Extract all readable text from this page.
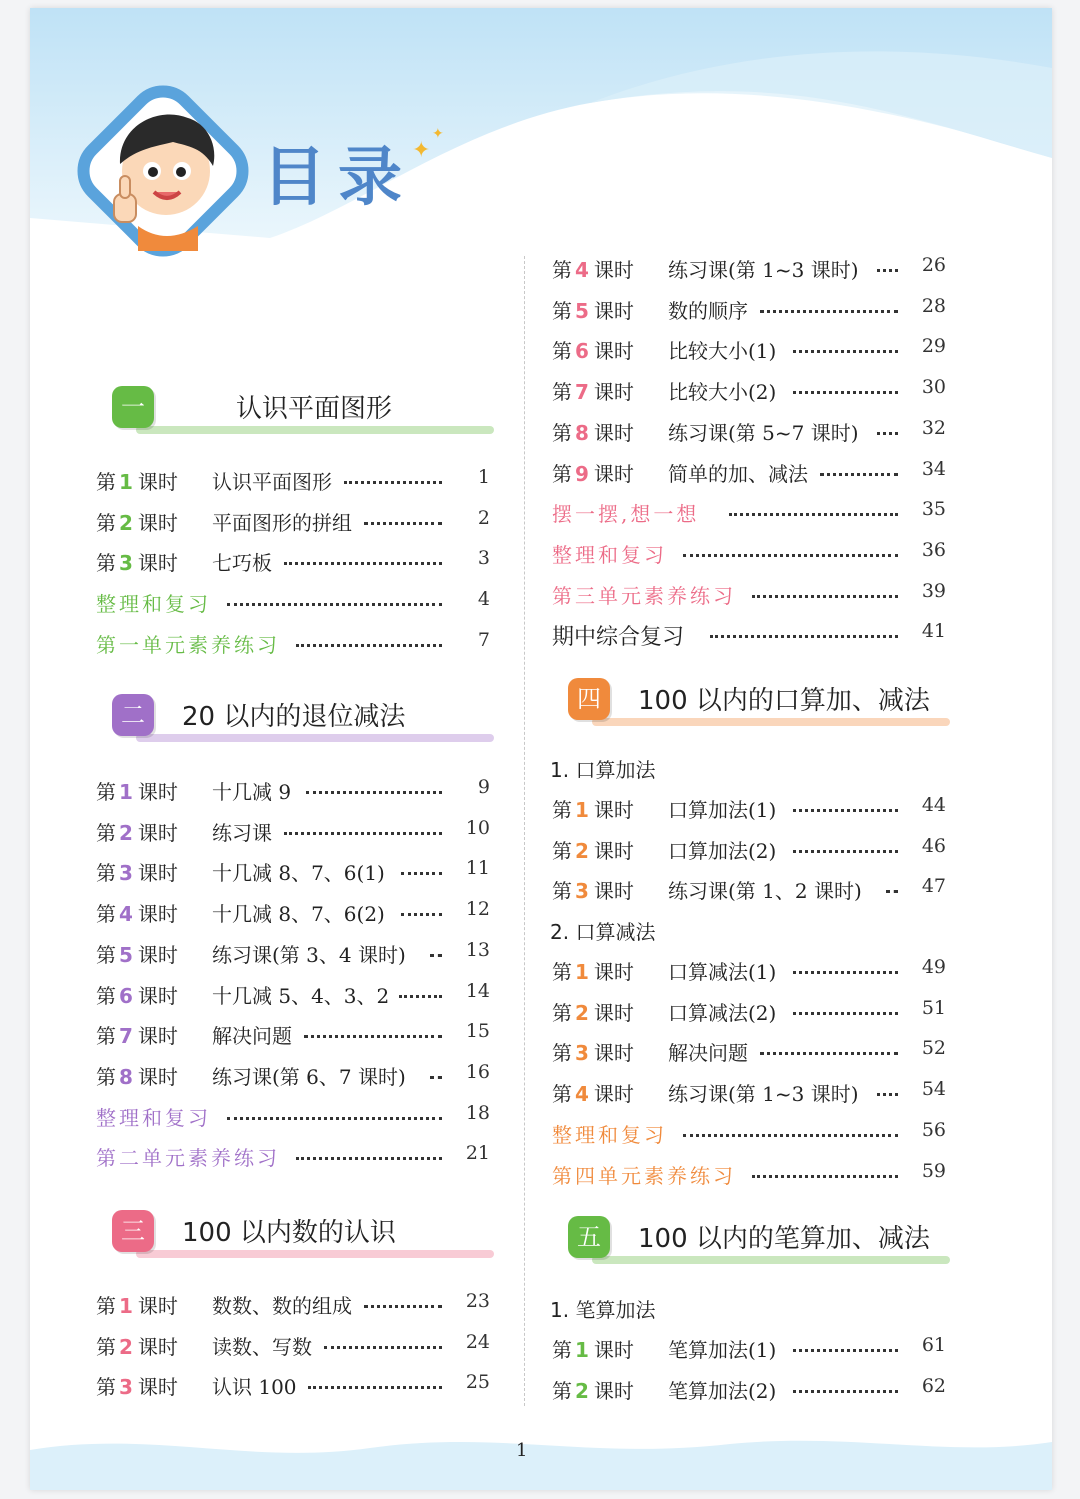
目录
✦
✦
一	认识平面图形
第 1 课时 认识平面图形	1
第 2 课时 平面图形的拼组	2
第 3 课时 七巧板	3
整理和复习	4
第一单元素养练习	7
二	20 以内的退位减法
第 1 课时 十几减 9	9
第 2 课时 练习课	10
第 3 课时 十几减 8、7、6(1)	11
第 4 课时 十几减 8、7、6(2)	12
第 5 课时 练习课(第 3、4 课时)	13
第 6 课时 十几减 5、4、3、2	14
第 7 课时 解决问题	15
第 8 课时 练习课(第 6、7 课时)	16
整理和复习	18
第二单元素养练习	21
三	100 以内数的认识
第 1 课时 数数、数的组成	23
第 2 课时 读数、写数	24
第 3 课时 认识 100	25
第 4 课时 练习课(第 1~3 课时)	26
第 5 课时 数的顺序	28
第 6 课时 比较大小(1)	29
第 7 课时 比较大小(2)	30
第 8 课时 练习课(第 5~7 课时)	32
第 9 课时 简单的加、减法	34
摆一摆,想一想	35
整理和复习	36
第三单元素养练习	39
期中综合复习	41
四	100 以内的口算加、减法
1. 口算加法
第 1 课时 口算加法(1)	44
第 2 课时 口算加法(2)	46
第 3 课时 练习课(第 1、2 课时)	47
第 1 课时 口算减法(1)	49
第 2 课时 口算减法(2)	51
第 3 课时 解决问题	52
第 4 课时 练习课(第 1~3 课时)	54
整理和复习	56
第四单元素养练习	59
2. 口算减法
五	100 以内的笔算加、减法
1. 笔算加法
第 1 课时 笔算加法(1)	61
第 2 课时 笔算加法(2)	62
1
